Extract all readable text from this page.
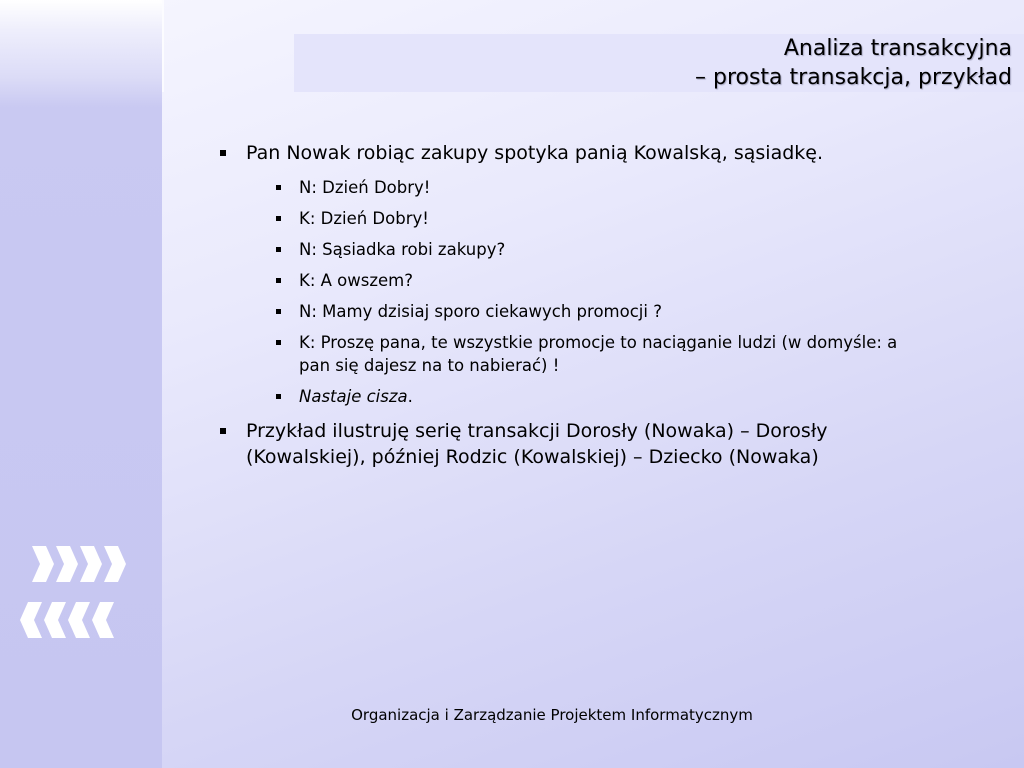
Analiza transakcyjna
– prosta transakcja, przykład
Pan Nowak robiąc zakupy spotyka panią Kowalską, sąsiadkę.
N: Dzień Dobry!
K: Dzień Dobry!
N: Sąsiadka robi zakupy?
K: A owszem?
N: Mamy dzisiaj sporo ciekawych promocji ?
K: Proszę pana, te wszystkie promocje to naciąganie ludzi (w domyśle: a pan się dajesz na to nabierać) !
Nastaje cisza.
Przykład ilustruję serię transakcji Dorosły (Nowaka) – Dorosły (Kowalskiej), później Rodzic (Kowalskiej) – Dziecko (Nowaka)
Organizacja i Zarządzanie Projektem Informatycznym
